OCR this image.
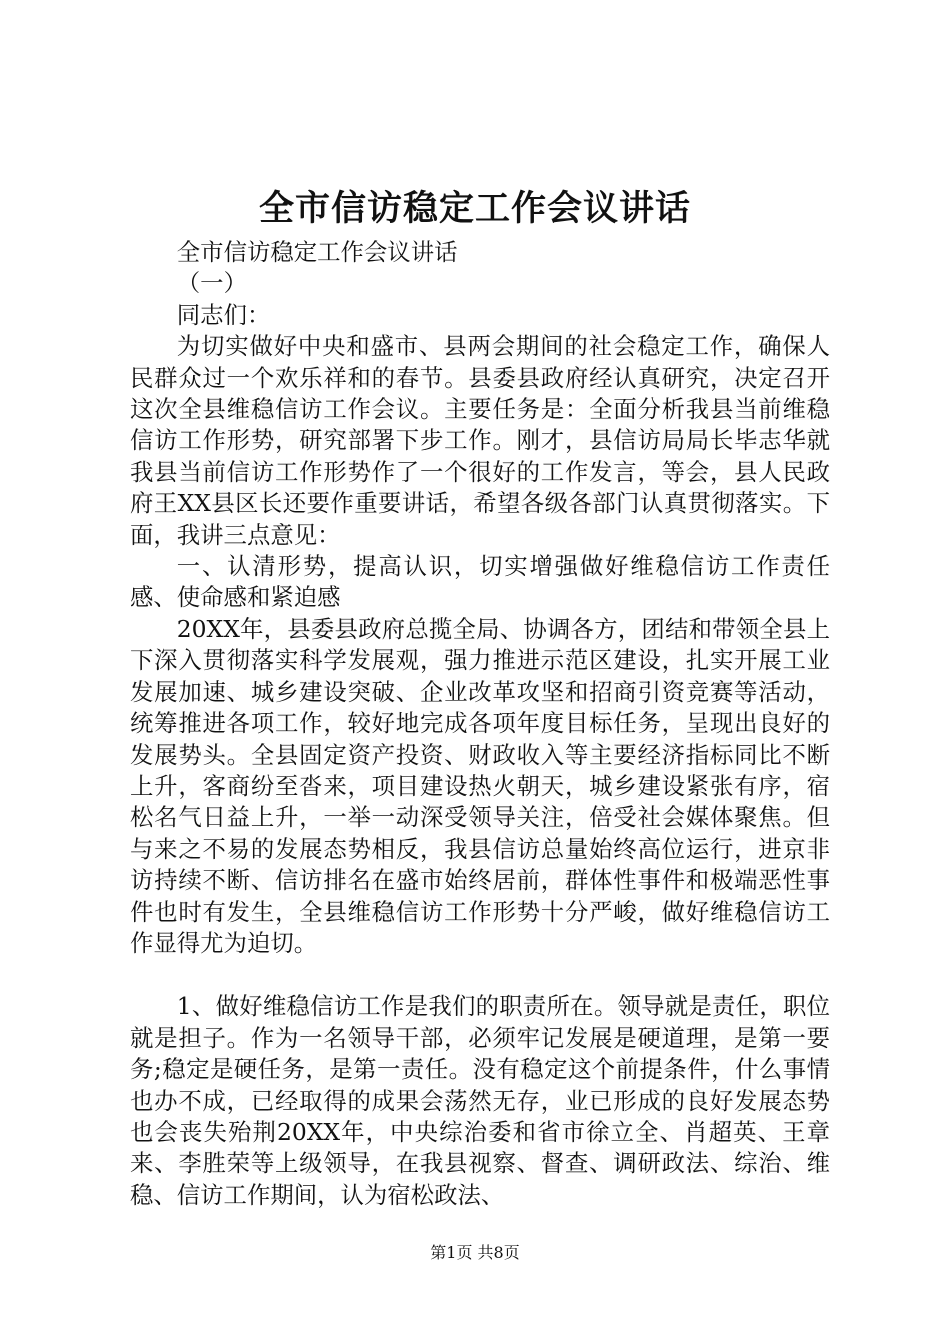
全市信访稳定工作会议讲话

全市信访稳定工作会议讲话

（一）

同志们：

为切实做好中央和盛市、县两会期间的社会稳定工作，确保人民群众过一个欢乐祥和的春节。县委县政府经认真研究，决定召开这次全县维稳信访工作会议。主要任务是：全面分析我县当前维稳信访工作形势，研究部署下步工作。刚才，县信访局局长毕志华就我县当前信访工作形势作了一个很好的工作发言，等会，县人民政府王XX县区长还要作重要讲话，希望各级各部门认真贯彻落实。下面，我讲三点意见：

一、认清形势，提高认识，切实增强做好维稳信访工作责任感、使命感和紧迫感

20XX年，县委县政府总揽全局、协调各方，团结和带领全县上下深入贯彻落实科学发展观，强力推进示范区建设，扎实开展工业发展加速、城乡建设突破、企业改革攻坚和招商引资竞赛等活动，统筹推进各项工作，较好地完成各项年度目标任务，呈现出良好的发展势头。全县固定资产投资、财政收入等主要经济指标同比不断上升，客商纷至沓来，项目建设热火朝天，城乡建设紧张有序，宿松名气日益上升，一举一动深受领导关注，倍受社会媒体聚焦。但与来之不易的发展态势相反，我县信访总量始终高位运行，进京非访持续不断、信访排名在盛市始终居前，群体性事件和极端恶性事件也时有发生，全县维稳信访工作形势十分严峻，做好维稳信访工作显得尤为迫切。

1、做好维稳信访工作是我们的职责所在。领导就是责任，职位就是担子。作为一名领导干部，必须牢记发展是硬道理，是第一要务;稳定是硬任务，是第一责任。没有稳定这个前提条件，什么事情也办不成，已经取得的成果会荡然无存，业已形成的良好发展态势也会丧失殆荆20XX年，中央综治委和省市徐立全、肖超英、王章来、李胜荣等上级领导，在我县视察、督查、调研政法、综治、维稳、信访工作期间，认为宿松政法、

第1页 共8页
